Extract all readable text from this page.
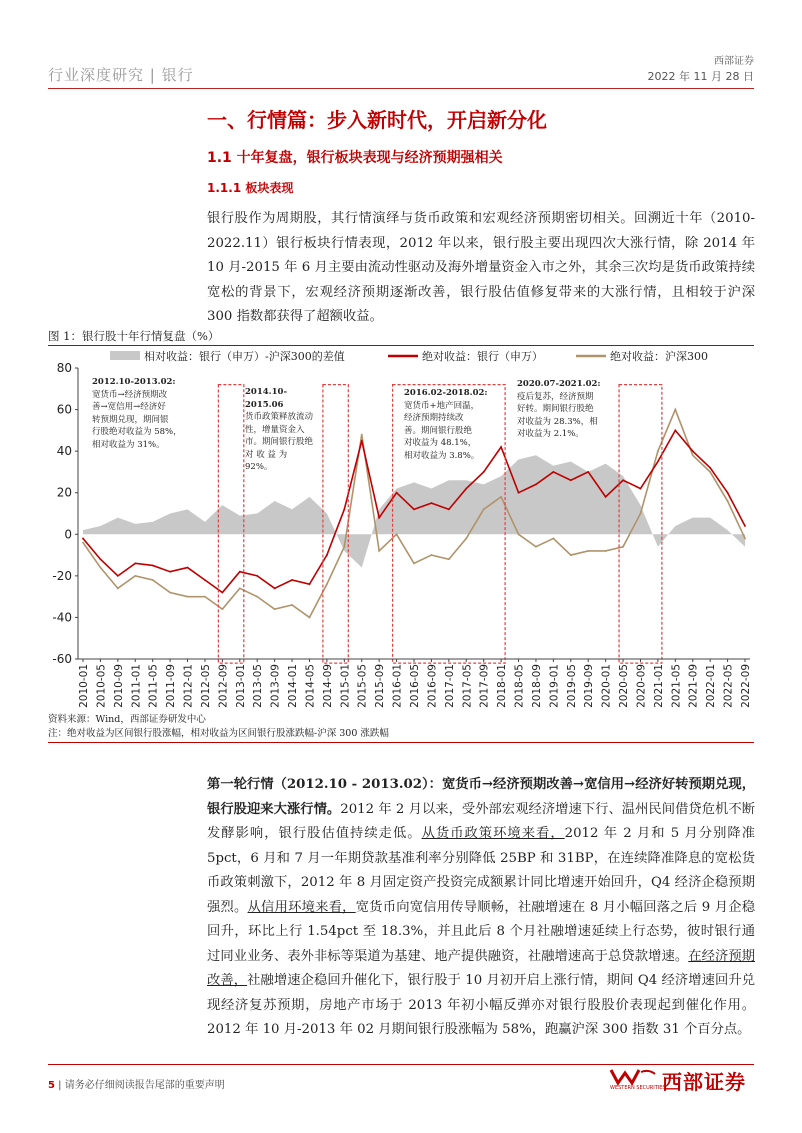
行业深度研究 | 银行
西部证券
2022 年 11 月 28 日
一、行情篇：步入新时代，开启新分化
1.1 十年复盘，银行板块表现与经济预期强相关
1.1.1 板块表现
银行股作为周期股，其行情演绎与货币政策和宏观经济预期密切相关。回溯近十年（2010-2022.11）银行板块行情表现，2012 年以来，银行股主要出现四次大涨行情，除 2014 年 10 月-2015 年 6 月主要由流动性驱动及海外增量资金入市之外，其余三次均是货币政策持续宽松的背景下，宏观经济预期逐渐改善，银行股估值修复带来的大涨行情，且相较于沪深 300 指数都获得了超额收益。
图 1：银行股十年行情复盘（%）
80
60
40
20
0
-20
-40
-60
2010-01 2010-05 2010-09 2011-01 2011-05 2011-09 2012-01 2012-05 2012-09 2013-01 2013-05 2013-09 2014-01 2014-05 2014-09 2015-01 2015-05 2015-09 2016-01 2016-05 2016-09 2017-01 2017-05 2017-09 2018-01 2018-05 2018-09 2019-01 2019-05 2019-09 2020-01 2020-05 2020-09 2021-01 2021-05 2021-09 2022-01 2022-05 2022-09
相对收益：银行（申万）-沪深300的差值	绝对收益：银行（申万）	绝对收益：沪深300
2012.10-2013.02:
宽货币→经济预期改
善→宽信用→经济好
转预期兑现，期间银
行股绝对收益为 58%，
相对收益为 31%。
2014.10-2015.06
货币政策释放流动
性，增量资金入
市。期间银行股绝
对 收 益 为
92%。
2016.02-2018.02:
宽货币+地产回温，
经济预期持续改
善。期间银行股绝
对收益为 48.1%，
相对收益为 3.8%。
2020.07-2021.02:
疫后复苏，经济预期
好转。期间银行股绝
对收益为 28.3%，相
对收益为 2.1%。
资料来源：Wind，西部证券研发中心
注：绝对收益为区间银行股涨幅，相对收益为区间银行股涨跌幅-沪深 300 涨跌幅
第一轮行情（2012.10 - 2013.02）：宽货币→经济预期改善→宽信用→经济好转预期兑现，银行股迎来大涨行情。2012 年 2 月以来，受外部宏观经济增速下行、温州民间借贷危机不断发酵影响，银行股估值持续走低。从货币政策环境来看，2012 年 2 月和 5 月分别降准 5pct，6 月和 7 月一年期贷款基准利率分别降低 25BP 和 31BP，在连续降准降息的宽松货币政策刺激下，2012 年 8 月固定资产投资完成额累计同比增速开始回升，Q4 经济企稳预期强烈。从信用环境来看，宽货币向宽信用传导顺畅，社融增速在 8 月小幅回落之后 9 月企稳回升，环比上行 1.54pct 至 18.3%，并且此后 8 个月社融增速延续上行态势，彼时银行通过同业业务、表外非标等渠道为基建、地产提供融资，社融增速高于总贷款增速。在经济预期改善，社融增速企稳回升催化下，银行股于 10 月初开启上涨行情，期间 Q4 经济增速回升兑现经济复苏预期，房地产市场于 2013 年初小幅反弹亦对银行股股价表现起到催化作用。2012 年 10 月-2013 年 02 月期间银行股涨幅为 58%，跑赢沪深 300 指数 31 个百分点。
5 | 请务必仔细阅读报告尾部的重要声明	WESTERN SECURITIES
西部证券
